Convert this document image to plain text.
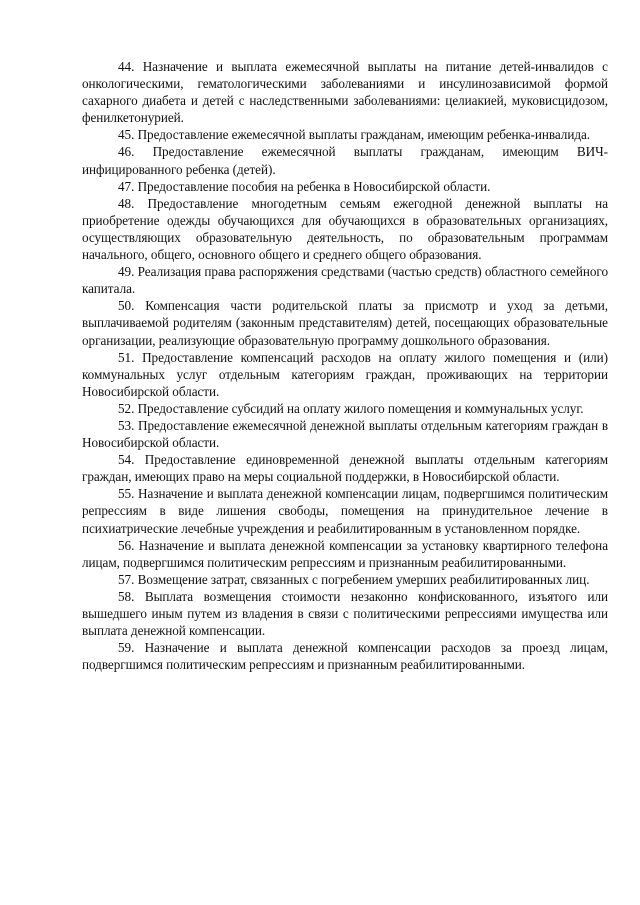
44. Назначение и выплата ежемесячной выплаты на питание детей-инвалидов с онкологическими, гематологическими заболеваниями и инсулинозависимой формой сахарного диабета и детей с наследственными заболеваниями: целиакией, муковисцидозом, фенилкетонурией.

45. Предоставление ежемесячной выплаты гражданам, имеющим ребенка-инвалида.

46. Предоставление ежемесячной выплаты гражданам, имеющим ВИЧ-инфицированного ребенка (детей).

47. Предоставление пособия на ребенка в Новосибирской области.

48. Предоставление многодетным семьям ежегодной денежной выплаты на приобретение одежды обучающихся для обучающихся в образовательных организациях, осуществляющих образовательную деятельность, по образовательным программам начального, общего, основного общего и среднего общего образования.

49. Реализация права распоряжения средствами (частью средств) областного семейного капитала.

50. Компенсация части родительской платы за присмотр и уход за детьми, выплачиваемой родителям (законным представителям) детей, посещающих образовательные организации, реализующие образовательную программу дошкольного образования.

51. Предоставление компенсаций расходов на оплату жилого помещения и (или) коммунальных услуг отдельным категориям граждан, проживающих на территории Новосибирской области.

52. Предоставление субсидий на оплату жилого помещения и коммунальных услуг.

53. Предоставление ежемесячной денежной выплаты отдельным категориям граждан в Новосибирской области.

54. Предоставление единовременной денежной выплаты отдельным категориям граждан, имеющих право на меры социальной поддержки, в Новосибирской области.

55. Назначение и выплата денежной компенсации лицам, подвергшимся политическим репрессиям в виде лишения свободы, помещения на принудительное лечение в психиатрические лечебные учреждения и реабилитированным в установленном порядке.

56. Назначение и выплата денежной компенсации за установку квартирного телефона лицам, подвергшимся политическим репрессиям и признанным реабилитированными.

57. Возмещение затрат, связанных с погребением умерших реабилитированных лиц.

58. Выплата возмещения стоимости незаконно конфискованного, изъятого или вышедшего иным путем из владения в связи с политическими репрессиями имущества или выплата денежной компенсации.

59. Назначение и выплата денежной компенсации расходов за проезд лицам, подвергшимся политическим репрессиям и признанным реабилитированными.
